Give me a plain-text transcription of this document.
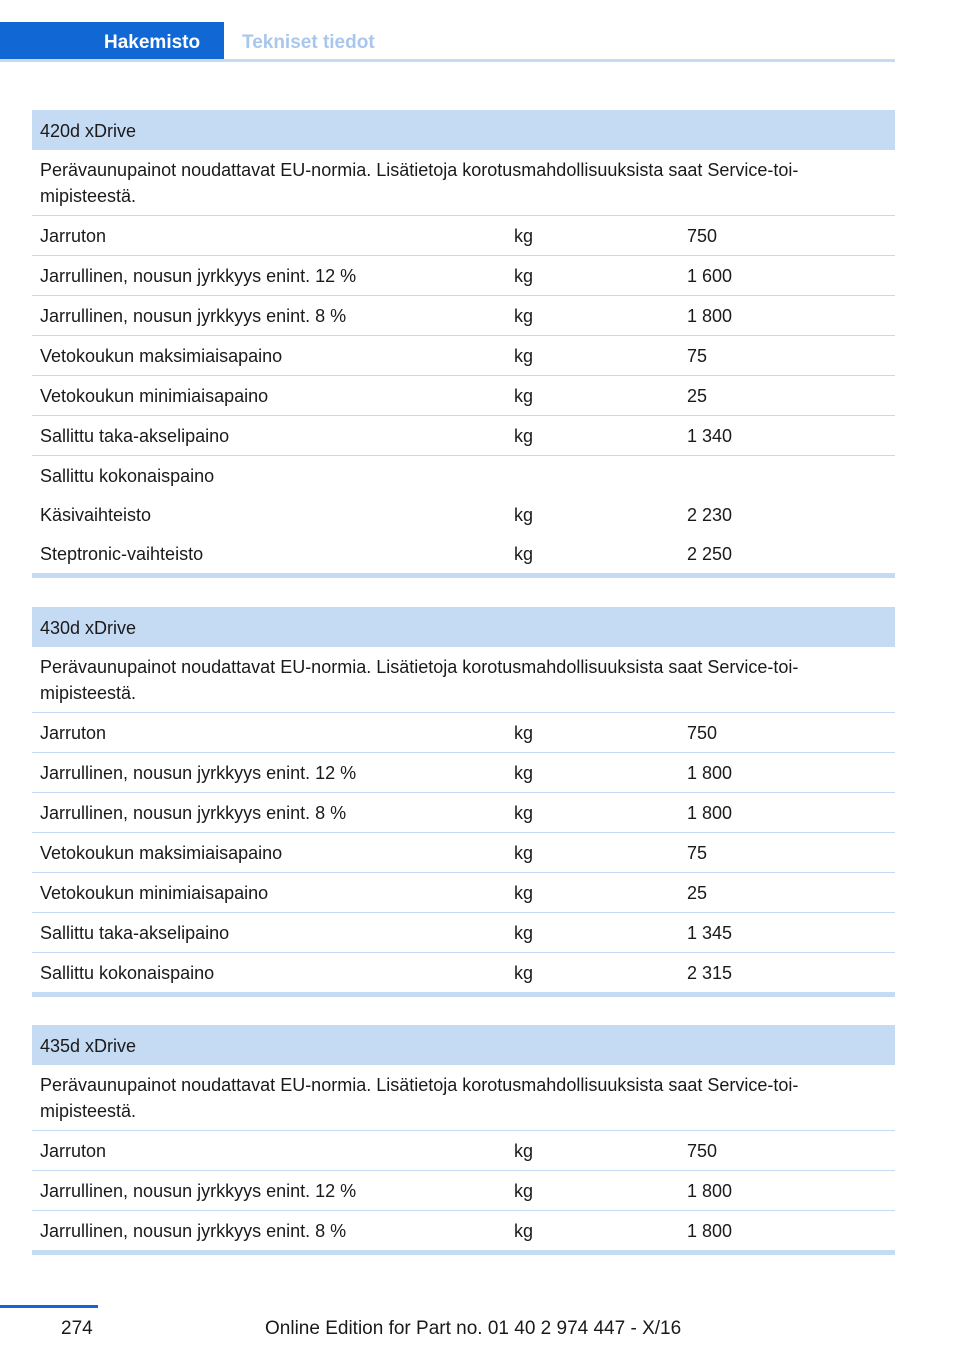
Hakemisto	Tekniset tiedot
420d xDrive
Perävaunupainot noudattavat EU-normia. Lisätietoja korotusmahdollisuuksista saat Service-toi-mipisteestä.
Jarruton	kg	750
Jarrullinen, nousun jyrkkyys enint. 12 %	kg	1 600
Jarrullinen, nousun jyrkkyys enint. 8 %	kg	1 800
Vetokoukun maksimiaisapaino	kg	75
Vetokoukun minimiaisapaino	kg	25
Sallittu taka-akselipaino	kg	1 340
Sallittu kokonaispaino
Käsivaihteisto	kg	2 230
Steptronic-vaihteisto	kg	2 250
430d xDrive
Perävaunupainot noudattavat EU-normia. Lisätietoja korotusmahdollisuuksista saat Service-toi-mipisteestä.
Jarruton	kg	750
Jarrullinen, nousun jyrkkyys enint. 12 %	kg	1 800
Jarrullinen, nousun jyrkkyys enint. 8 %	kg	1 800
Vetokoukun maksimiaisapaino	kg	75
Vetokoukun minimiaisapaino	kg	25
Sallittu taka-akselipaino	kg	1 345
Sallittu kokonaispaino	kg	2 315
435d xDrive
Perävaunupainot noudattavat EU-normia. Lisätietoja korotusmahdollisuuksista saat Service-toi-mipisteestä.
Jarruton	kg	750
Jarrullinen, nousun jyrkkyys enint. 12 %	kg	1 800
Jarrullinen, nousun jyrkkyys enint. 8 %	kg	1 800
274	Online Edition for Part no. 01 40 2 974 447 - X/16
